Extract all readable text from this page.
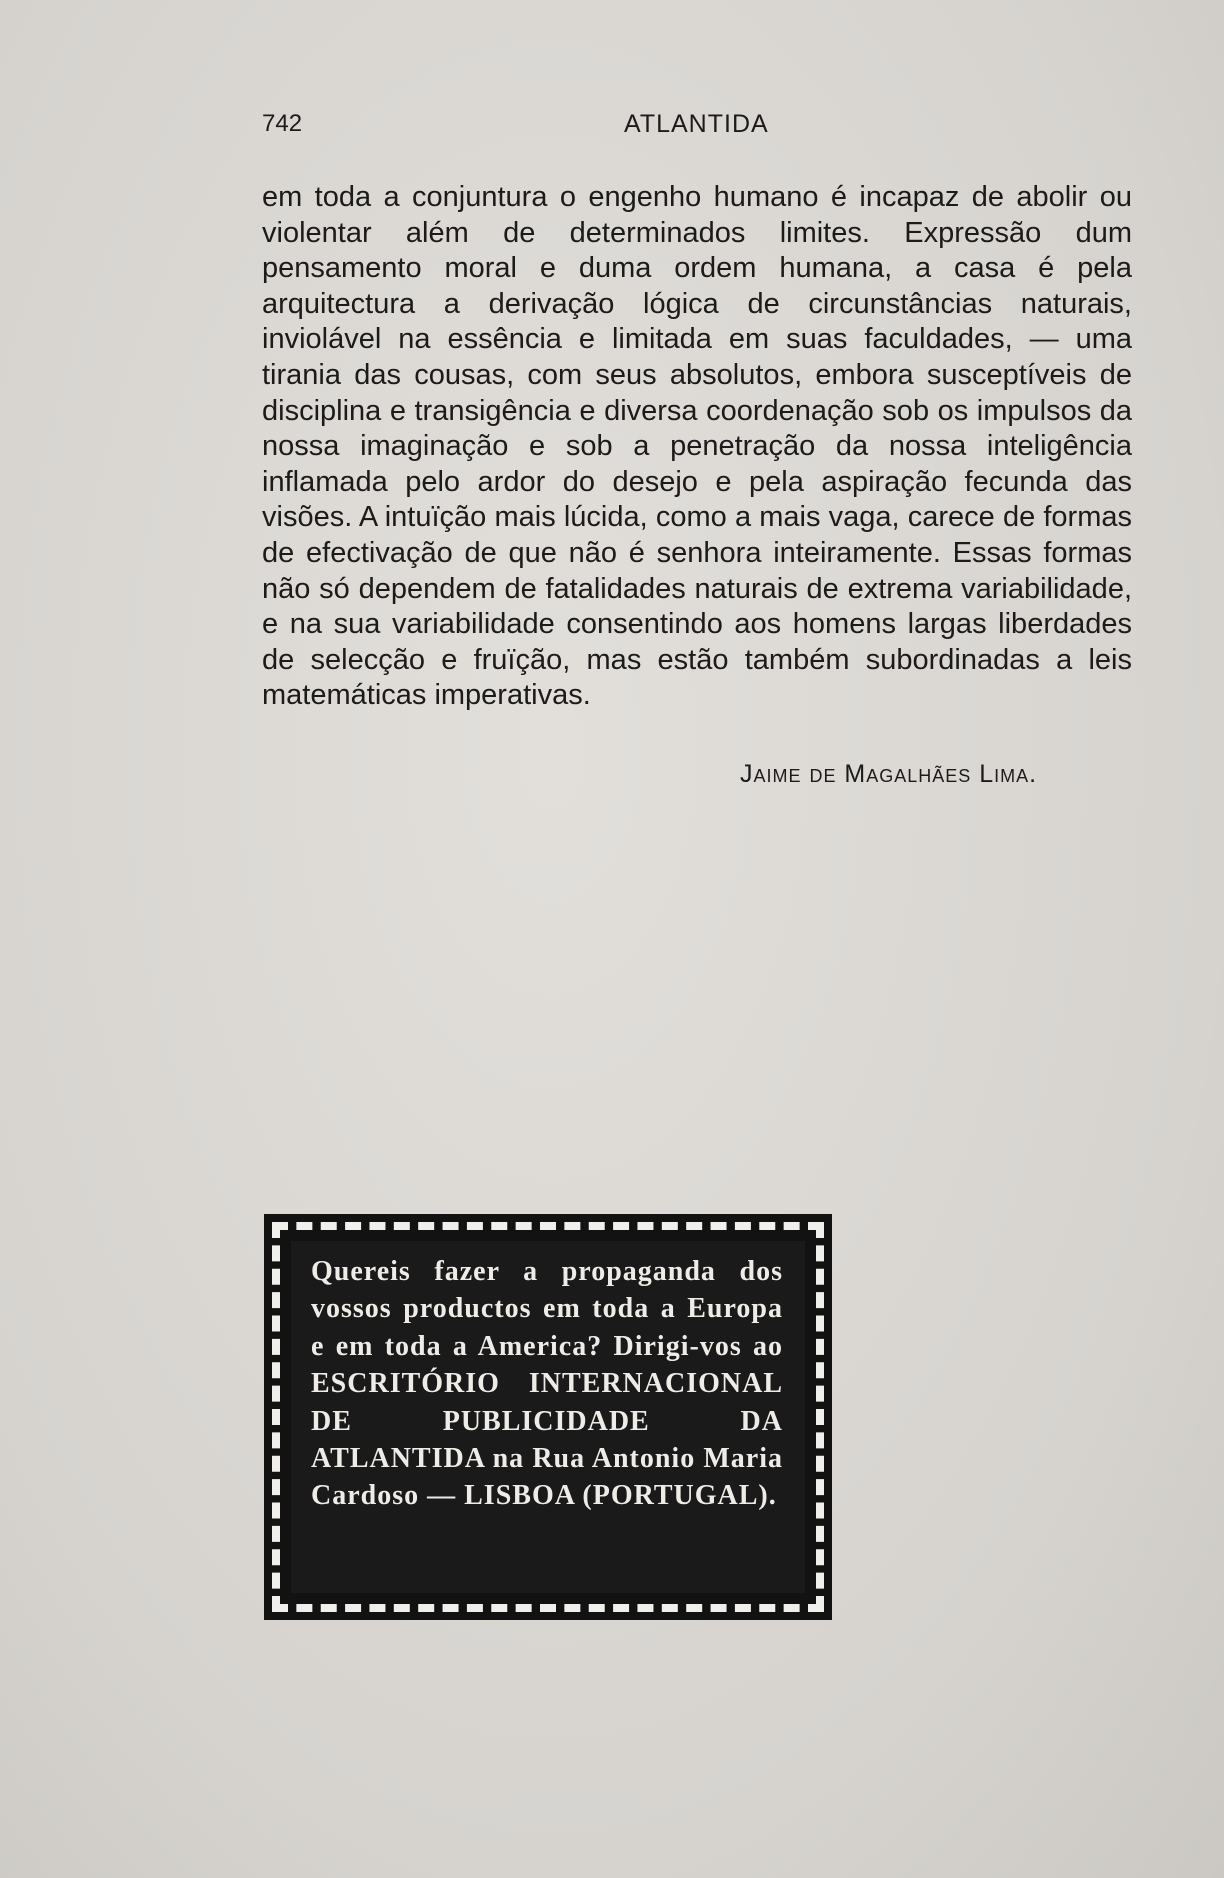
742	ATLANTIDA

em toda a conjuntura o engenho humano é incapaz de abolir ou violentar além de determinados limites. Expressão dum pensamento moral e duma ordem humana, a casa é pela arquitectura a derivação lógica de circunstâncias naturais, inviolável na essência e limitada em suas faculdades, — uma tirania das cousas, com seus absolutos, embora susceptíveis de disciplina e transigência e diversa coordenação sob os impulsos da nossa imaginação e sob a penetração da nossa inteligência inflamada pelo ardor do desejo e pela aspiração fecunda das visões. A intuïção mais lúcida, como a mais vaga, carece de formas de efectivação de que não é senhora inteiramente. Essas formas não só dependem de fatalidades naturais de extrema variabilidade, e na sua variabilidade consentindo aos homens largas liberdades de selecção e fruïção, mas estão também subordinadas a leis matemáticas imperativas.

Jaime de Magalhães Lima.

Quereis fazer a propaganda dos vossos productos em toda a Europa e em toda a America? Dirigi-vos ao ESCRITÓRIO INTERNACIONAL DE PUBLICIDADE DA ATLANTIDA na Rua Antonio Maria Cardoso — LISBOA (PORTUGAL).
